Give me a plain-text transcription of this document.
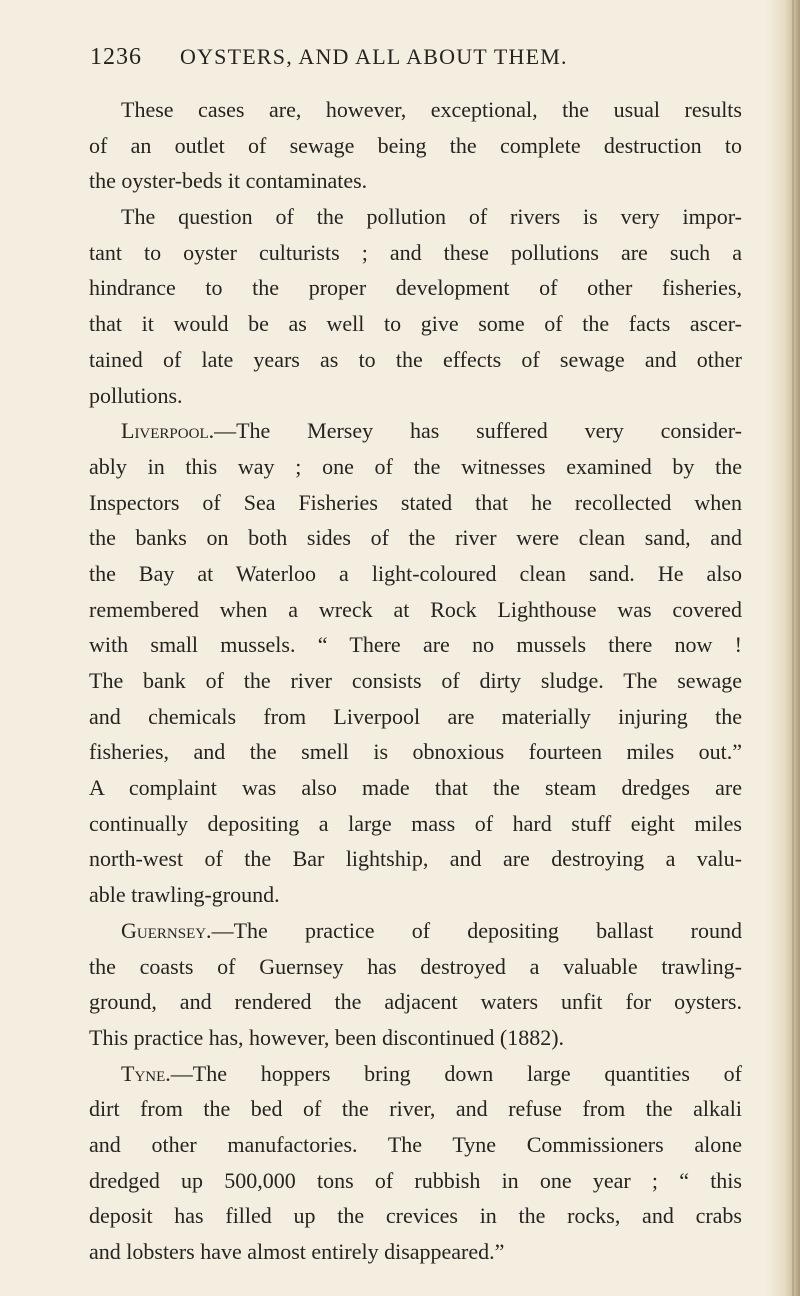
1236 OYSTERS, AND ALL ABOUT THEM.
These cases are, however, exceptional, the usual results
of an outlet of sewage being the complete destruction to
the oyster-beds it contaminates.
The question of the pollution of rivers is very impor-
tant to oyster culturists ; and these pollutions are such a
hindrance to the proper development of other fisheries,
that it would be as well to give some of the facts ascer-
tained of late years as to the effects of sewage and other
pollutions.
Liverpool.—The Mersey has suffered very consider-
ably in this way ; one of the witnesses examined by the
Inspectors of Sea Fisheries stated that he recollected when
the banks on both sides of the river were clean sand, and
the Bay at Waterloo a light-coloured clean sand. He also
remembered when a wreck at Rock Lighthouse was covered
with small mussels. “ There are no mussels there now !
The bank of the river consists of dirty sludge. The sewage
and chemicals from Liverpool are materially injuring the
fisheries, and the smell is obnoxious fourteen miles out.”
A complaint was also made that the steam dredges are
continually depositing a large mass of hard stuff eight miles
north-west of the Bar lightship, and are destroying a valu-
able trawling-ground.
Guernsey.—The practice of depositing ballast round
the coasts of Guernsey has destroyed a valuable trawling-
ground, and rendered the adjacent waters unfit for oysters.
This practice has, however, been discontinued (1882).
Tyne.—The hoppers bring down large quantities of
dirt from the bed of the river, and refuse from the alkali
and other manufactories. The Tyne Commissioners alone
dredged up 500,000 tons of rubbish in one year ; “ this
deposit has filled up the crevices in the rocks, and crabs
and lobsters have almost entirely disappeared.”
